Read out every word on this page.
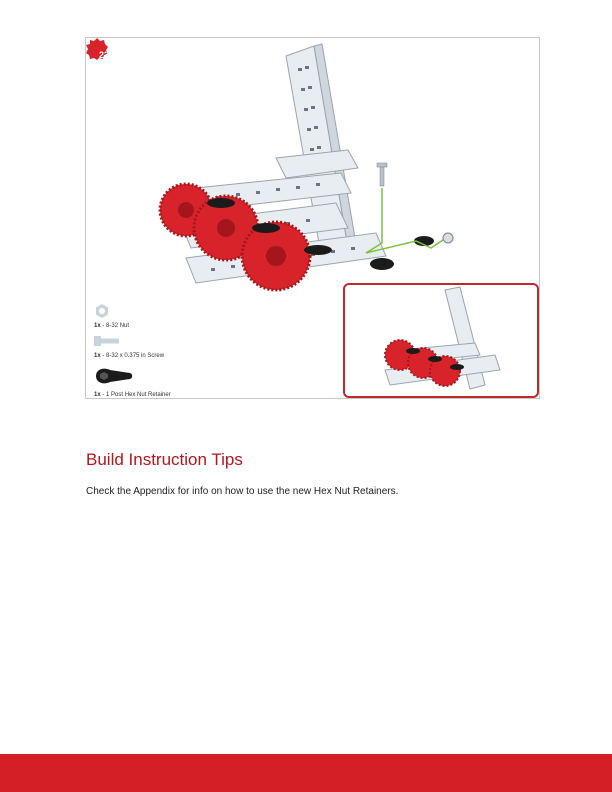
23
1x - 8-32 Nut
1x - 8-32 x 0.375 in Screw
1x - 1 Post Hex Nut Retainer
Build Instruction Tips

Check the Appendix for info on how to use the new Hex Nut Retainers.
